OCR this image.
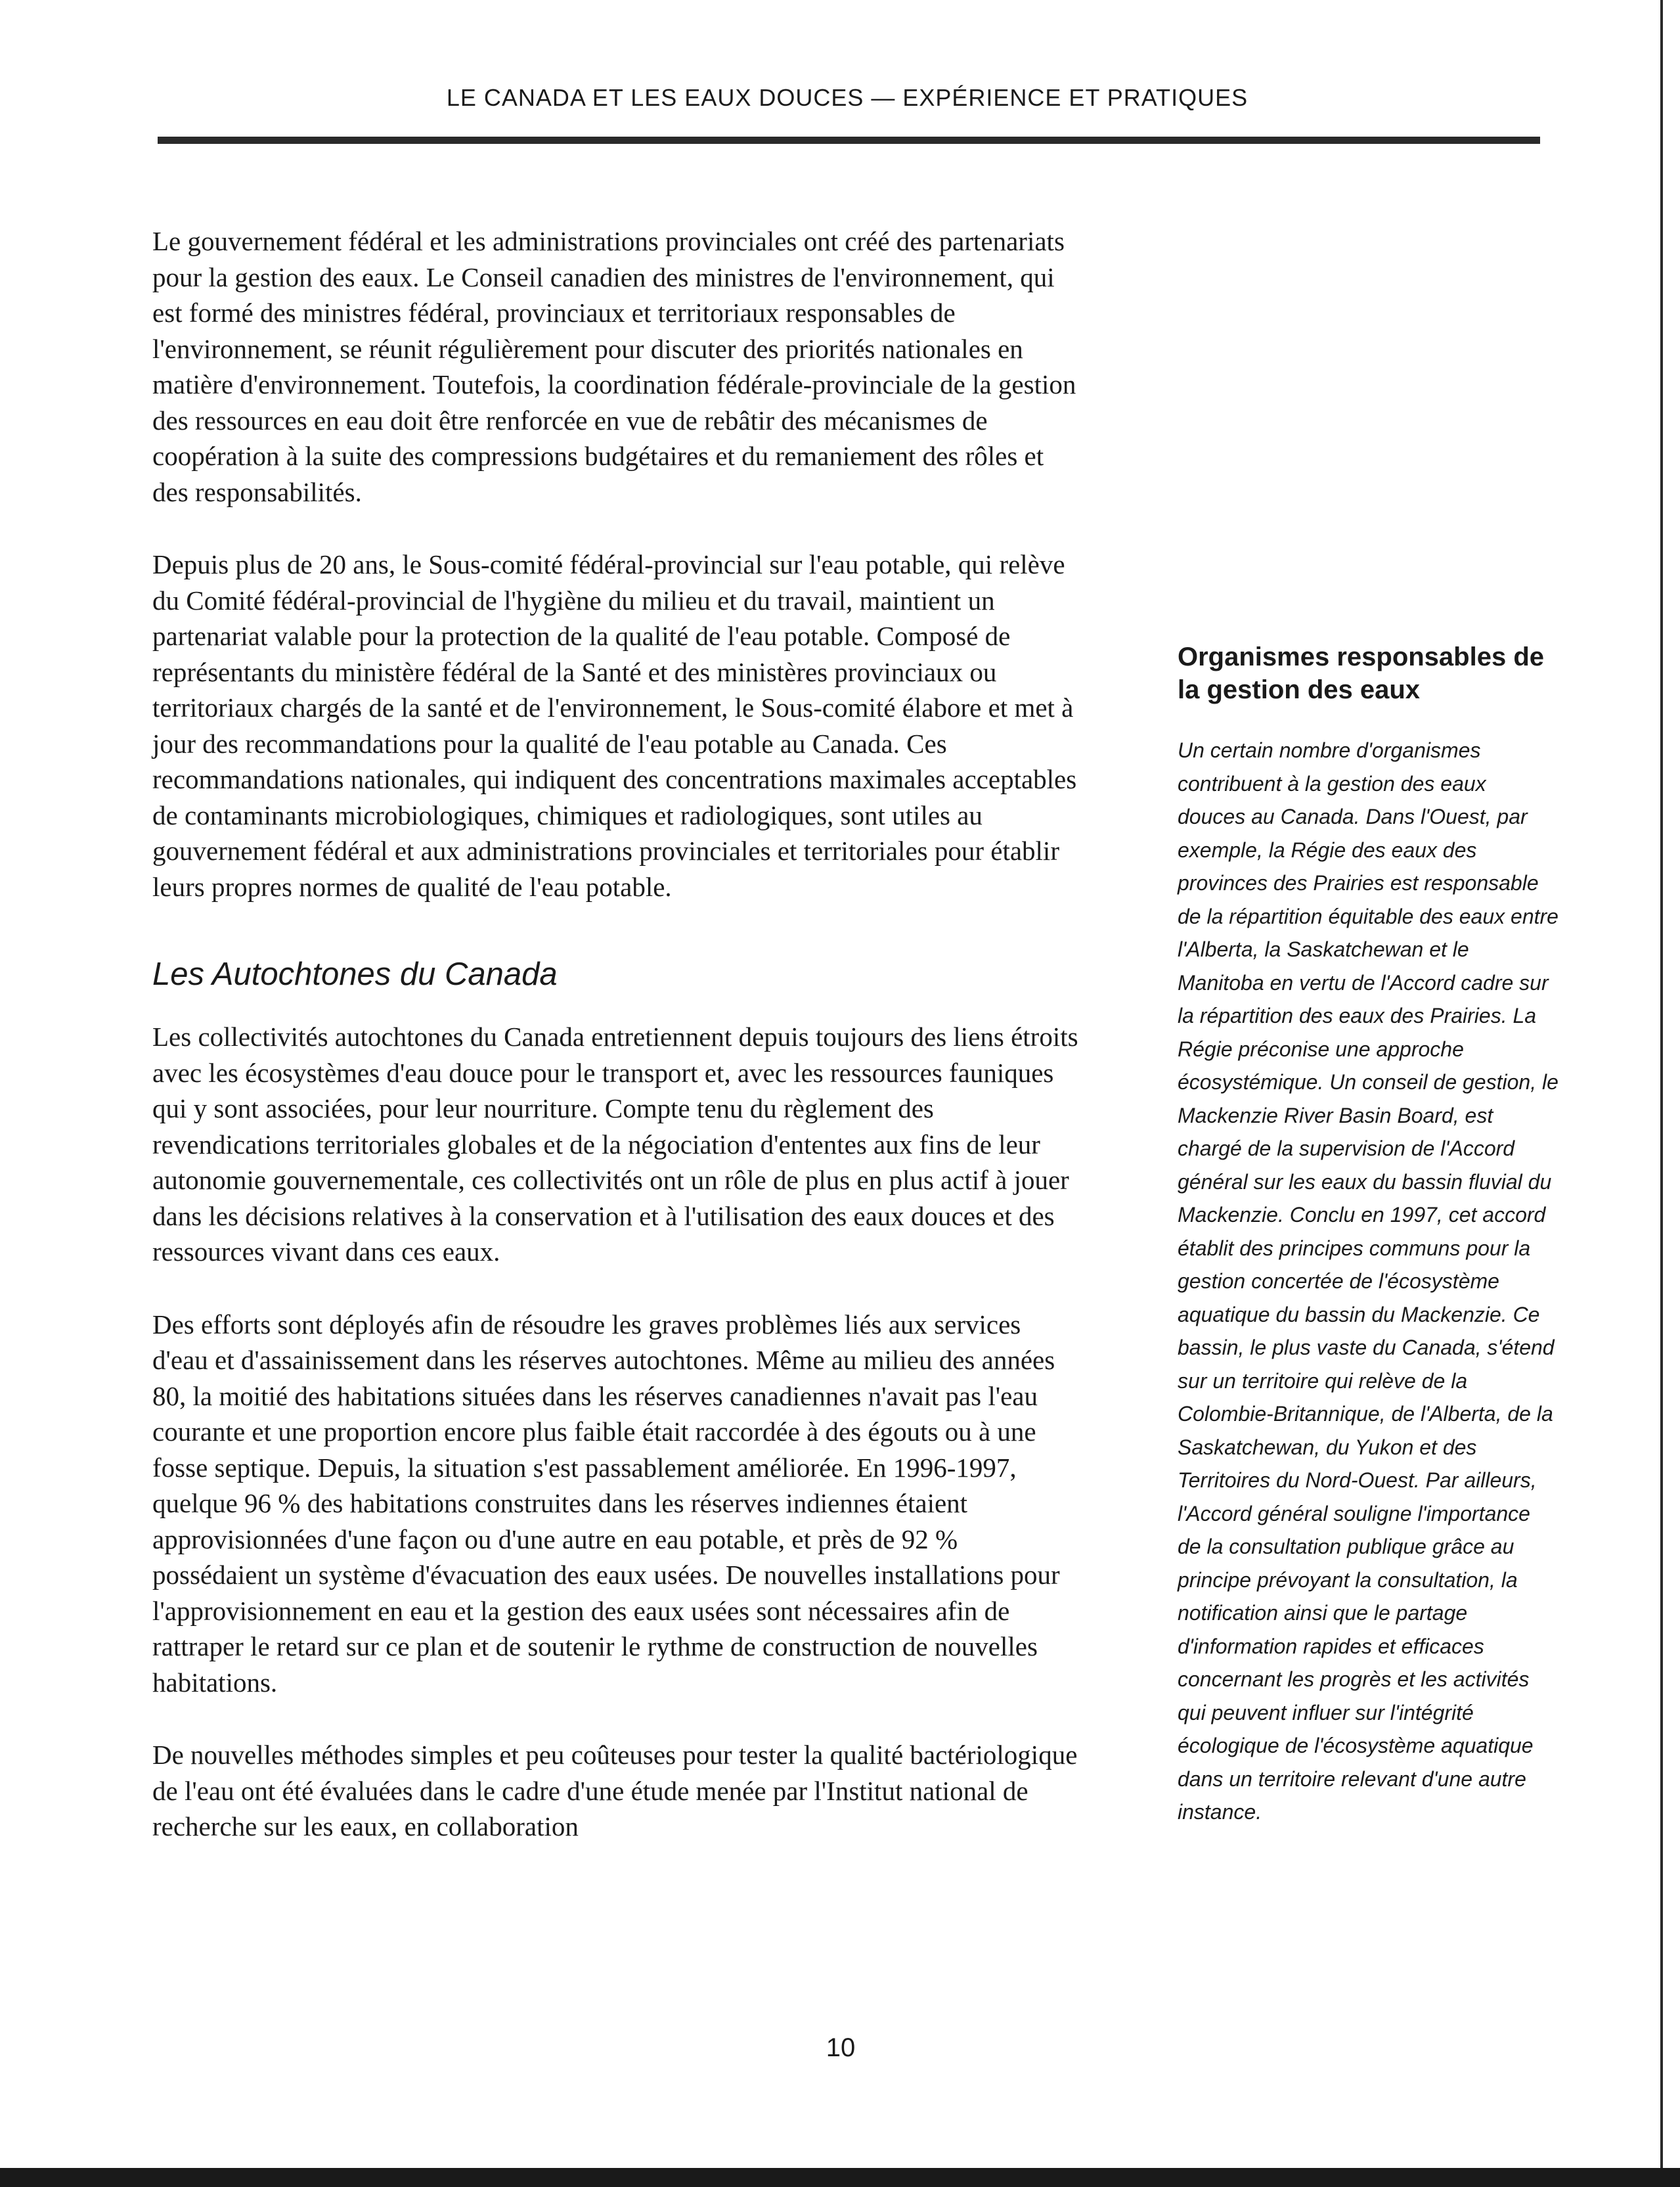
LE CANADA ET LES EAUX DOUCES — EXPÉRIENCE ET PRATIQUES

Le gouvernement fédéral et les administrations provinciales ont créé des partenariats pour la gestion des eaux. Le Conseil canadien des ministres de l'environnement, qui est formé des ministres fédéral, provinciaux et territoriaux responsables de l'environnement, se réunit régulièrement pour discuter des priorités nationales en matière d'environnement. Toutefois, la coordination fédérale-provinciale de la gestion des ressources en eau doit être renforcée en vue de rebâtir des mécanismes de coopération à la suite des compressions budgétaires et du remaniement des rôles et des responsabilités.

Depuis plus de 20 ans, le Sous-comité fédéral-provincial sur l'eau potable, qui relève du Comité fédéral-provincial de l'hygiène du milieu et du travail, maintient un partenariat valable pour la protection de la qualité de l'eau potable. Composé de représentants du ministère fédéral de la Santé et des ministères provinciaux ou territoriaux chargés de la santé et de l'environnement, le Sous-comité élabore et met à jour des recommandations pour la qualité de l'eau potable au Canada. Ces recommandations nationales, qui indiquent des concentrations maximales acceptables de contaminants microbiologiques, chimiques et radiologiques, sont utiles au gouvernement fédéral et aux administrations provinciales et territoriales pour établir leurs propres normes de qualité de l'eau potable.

Les Autochtones du Canada

Les collectivités autochtones du Canada entretiennent depuis toujours des liens étroits avec les écosystèmes d'eau douce pour le transport et, avec les ressources fauniques qui y sont associées, pour leur nourriture. Compte tenu du règlement des revendications territoriales globales et de la négociation d'ententes aux fins de leur autonomie gouvernementale, ces collectivités ont un rôle de plus en plus actif à jouer dans les décisions relatives à la conservation et à l'utilisation des eaux douces et des ressources vivant dans ces eaux.

Des efforts sont déployés afin de résoudre les graves problèmes liés aux services d'eau et d'assainissement dans les réserves autochtones. Même au milieu des années 80, la moitié des habitations situées dans les réserves canadiennes n'avait pas l'eau courante et une proportion encore plus faible était raccordée à des égouts ou à une fosse septique. Depuis, la situation s'est passablement améliorée. En 1996-1997, quelque 96 % des habitations construites dans les réserves indiennes étaient approvisionnées d'une façon ou d'une autre en eau potable, et près de 92 % possédaient un système d'évacuation des eaux usées. De nouvelles installations pour l'approvisionnement en eau et la gestion des eaux usées sont nécessaires afin de rattraper le retard sur ce plan et de soutenir le rythme de construction de nouvelles habitations.

De nouvelles méthodes simples et peu coûteuses pour tester la qualité bactériologique de l'eau ont été évaluées dans le cadre d'une étude menée par l'Institut national de recherche sur les eaux, en collaboration

Organismes responsables de la gestion des eaux

Un certain nombre d'organismes contribuent à la gestion des eaux douces au Canada. Dans l'Ouest, par exemple, la Régie des eaux des provinces des Prairies est responsable de la répartition équitable des eaux entre l'Alberta, la Saskatchewan et le Manitoba en vertu de l'Accord cadre sur la répartition des eaux des Prairies. La Régie préconise une approche écosystémique. Un conseil de gestion, le Mackenzie River Basin Board, est chargé de la supervision de l'Accord général sur les eaux du bassin fluvial du Mackenzie. Conclu en 1997, cet accord établit des principes communs pour la gestion concertée de l'écosystème aquatique du bassin du Mackenzie. Ce bassin, le plus vaste du Canada, s'étend sur un territoire qui relève de la Colombie-Britannique, de l'Alberta, de la Saskatchewan, du Yukon et des Territoires du Nord-Ouest. Par ailleurs, l'Accord général souligne l'importance de la consultation publique grâce au principe prévoyant la consultation, la notification ainsi que le partage d'information rapides et efficaces concernant les progrès et les activités qui peuvent influer sur l'intégrité écologique de l'écosystème aquatique dans un territoire relevant d'une autre instance.

10
